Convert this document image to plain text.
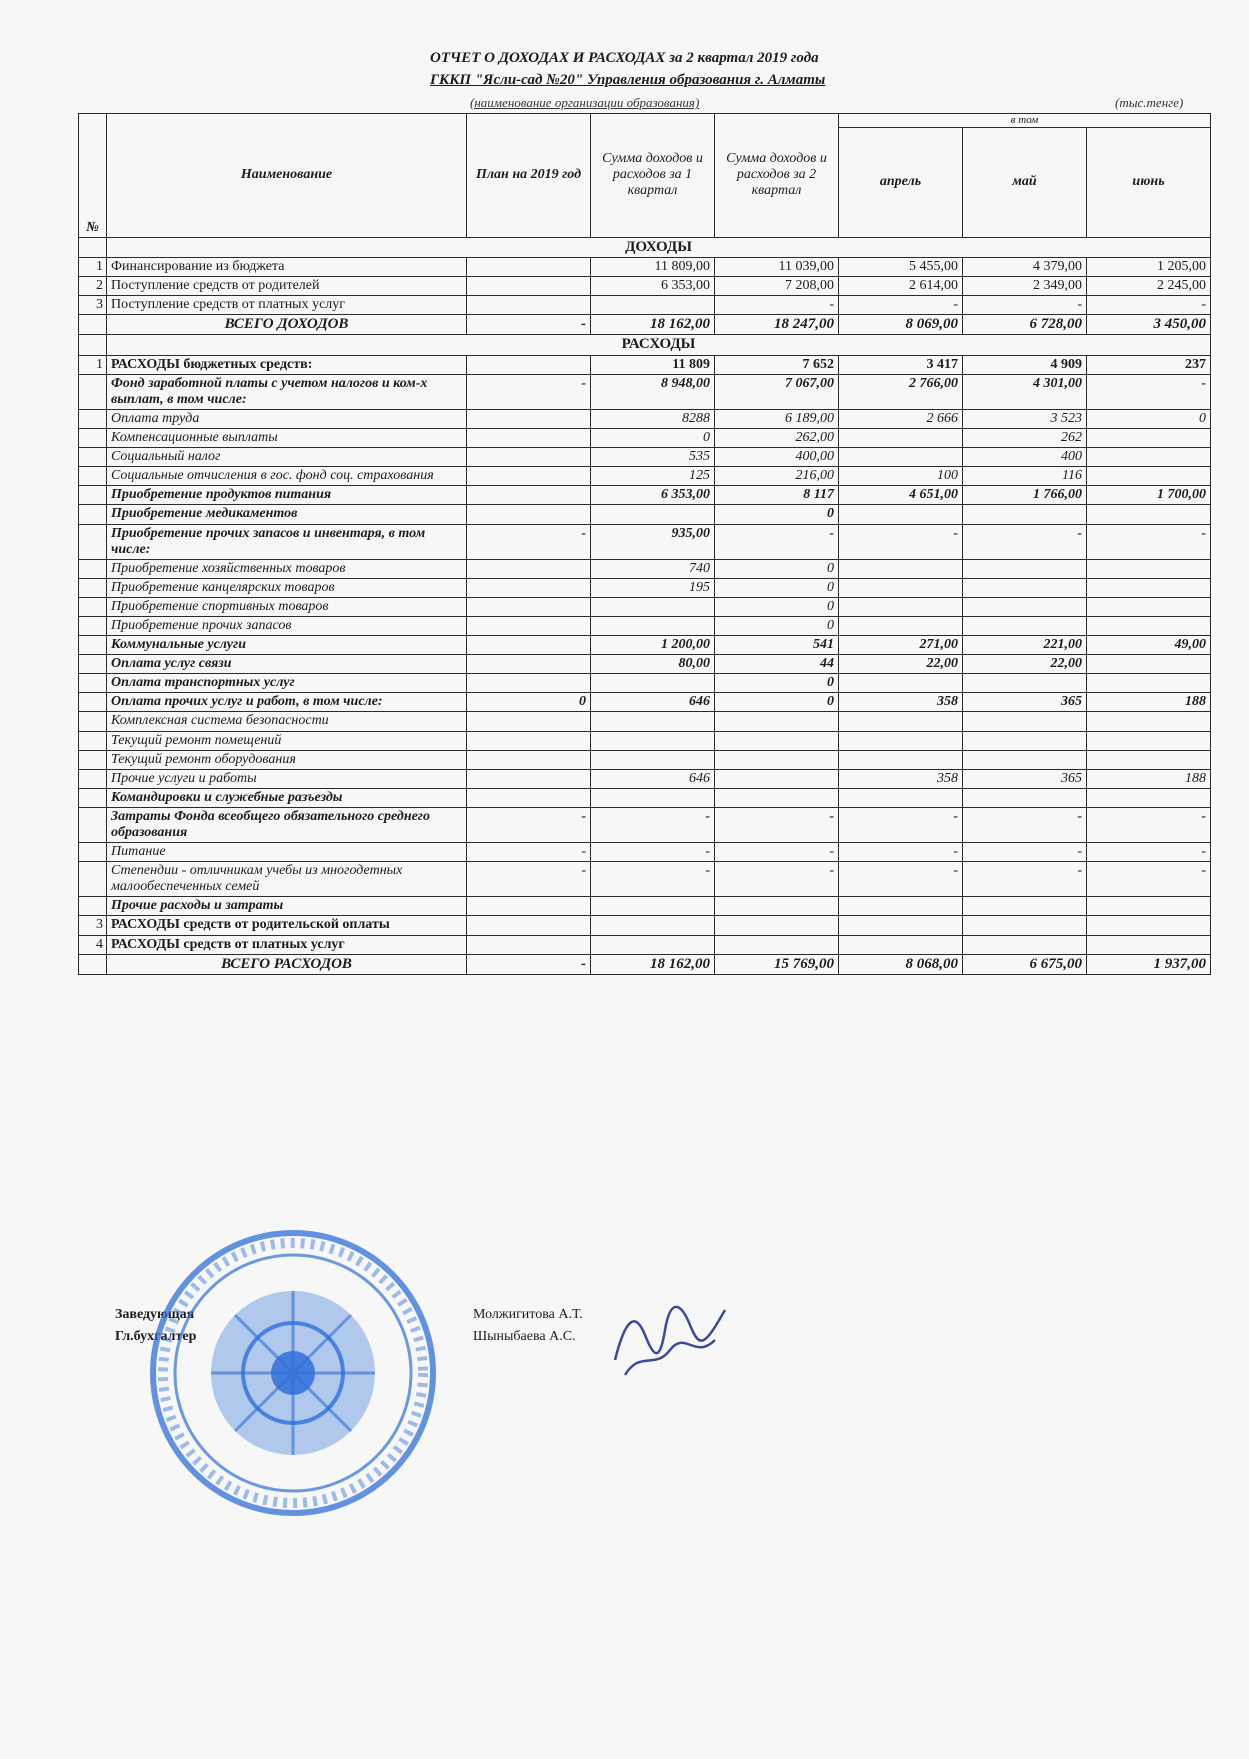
ОТЧЕТ О ДОХОДАХ И РАСХОДАХ за 2 квартал 2019 года
ГККП "Ясли-сад №20" Управления образования г. Алматы
(наименование организации образования)	(тыс.тенге)
№	Наименование	План на 2019 год	Сумма доходов и расходов за 1 квартал	Сумма доходов и расходов за 2 квартал	в том		
					апрель	май	июнь
	ДОХОДЫ						
1	Финансирование из бюджета		11 809,00	11 039,00	5 455,00	4 379,00	1 205,00
2	Поступление средств от родителей		6 353,00	7 208,00	2 614,00	2 349,00	2 245,00
3	Поступление средств от платных услуг			-	-	-	-
	ВСЕГО ДОХОДОВ	-	18 162,00	18 247,00	8 069,00	6 728,00	3 450,00
	РАСХОДЫ						
1	РАСХОДЫ бюджетных средств:		11 809	7 652	3 417	4 909	237
	Фонд заработной платы с учетом налогов и ком-х выплат, в том числе:	-	8 948,00	7 067,00	2 766,00	4 301,00	-
	Оплата труда		8288	6 189,00	2 666	3 523	0
	Компенсационные выплаты		0	262,00		262	
	Социальный налог		535	400,00		400	
	Социальные отчисления в гос. фонд соц. страхования		125	216,00	100	116	
	Приобретение продуктов питания		6 353,00	8 117	4 651,00	1 766,00	1 700,00
	Приобретение медикаментов			0			
	Приобретение прочих запасов и инвентаря, в том числе:	-	935,00	-	-	-	-
	Приобретение хозяйственных товаров		740	0			
	Приобретение канцелярских товаров		195	0			
	Приобретение спортивных товаров			0			
	Приобретение прочих запасов			0			
	Коммунальные услуги		1 200,00	541	271,00	221,00	49,00
	Оплата услуг связи		80,00	44	22,00	22,00	
	Оплата транспортных услуг			0			
	Оплата прочих услуг и работ, в том числе:	0	646	0	358	365	188
	Комплексная система безопасности						
	Текущий ремонт помещений						
	Текущий ремонт оборудования						
	Прочие услуги и работы		646		358	365	188
	Командировки и служебные разъезды						
	Затраты Фонда всеобщего обязательного среднего образования	-	-	-	-	-	-
	Питание	-	-	-	-	-	-
	Степендии - отличникам учебы из многодетных малообеспеченных семей	-	-	-	-	-	-
	Прочие расходы и затраты						
3	РАСХОДЫ средств от родительской оплаты						
4	РАСХОДЫ средств от платных услуг						
	ВСЕГО РАСХОДОВ	-	18 162,00	15 769,00	8 068,00	6 675,00	1 937,00
Заведующая	Молжигитова А.Т.
Гл.бухгалтер	Шыныбаева А.С.
